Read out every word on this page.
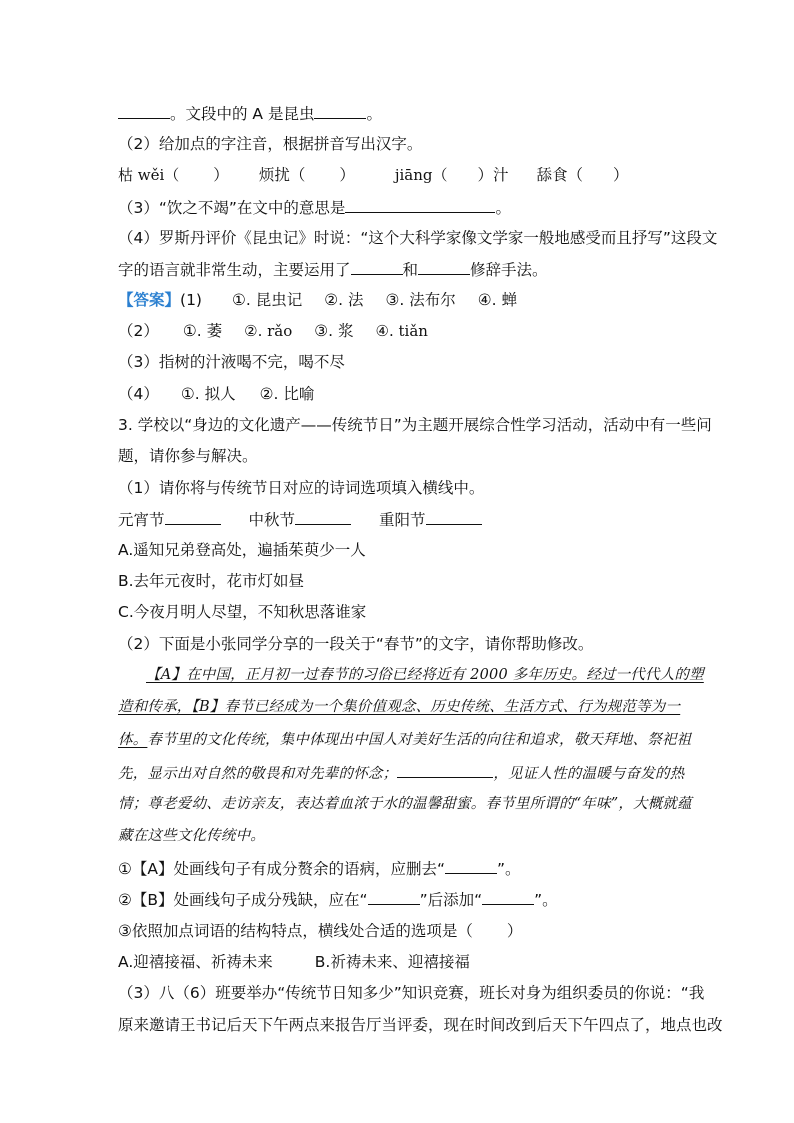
。文段中的 A 是昆虫	。
（2）给加点的字注音，根据拼音写出汉字。
枯 wěi（ ） 烦扰（ ）	jiāng（ ）汁 舔食（ ）
（3）“饮之不竭”在文中的意思是	。
（4）罗斯丹评价《昆虫记》时说：“这个大科学家像文学家一般地感受而且抒写”这段文
字的语言就非常生动，主要运用了	和	修辞手法。
【答案】(1) ①. 昆虫记 ②. 法 ③. 法布尔 ④. 蝉
（2） ①. 萎 ②. rǎo ③. 浆 ④. tiǎn
（3）指树的汁液喝不完，喝不尽
（4） ①. 拟人 ②. 比喻
3. 学校以“身边的文化遗产——传统节日”为主题开展综合性学习活动，活动中有一些问
题，请你参与解决。
（1）请你将与传统节日对应的诗词选项填入横线中。
元宵节	中秋节	重阳节
A.遥知兄弟登高处，遍插茱萸少一人
B.去年元夜时，花市灯如昼
C.今夜月明人尽望，不知秋思落谁家
（2）下面是小张同学分享的一段关于“春节”的文字，请你帮助修改。
【A】在中国，正月初一过春节的习俗已经将近有 2000 多年历史。经过一代代人的塑
造和传承，【B】春节已经成为一个集价值观念、历史传统、生活方式、行为规范等为一
体。春节里的文化传统，集中体现出中国人对美好生活的向往和追求，敬天拜地、祭祀祖
先，显示出对自然的敬畏和对先辈的怀念；	，见证人性的温暖与奋发的热
情；尊老爱幼、走访亲友，表达着血浓于水的温馨甜蜜。春节里所谓的“年味”，大概就蕴
藏在这些文化传统中。
①【A】处画线句子有成分赘余的语病，应删去“	”。
②【B】处画线句子成分残缺，应在“	”后添加“	”。
③依照加点词语的结构特点，横线处合适的选项是（ ）
A.迎禧接福、祈祷未来	B.祈祷未来、迎禧接福
（3）八（6）班要举办“传统节日知多少”知识竞赛，班长对身为组织委员的你说：“我
原来邀请王书记后天下午两点来报告厅当评委，现在时间改到后天下午四点了，地点也改
